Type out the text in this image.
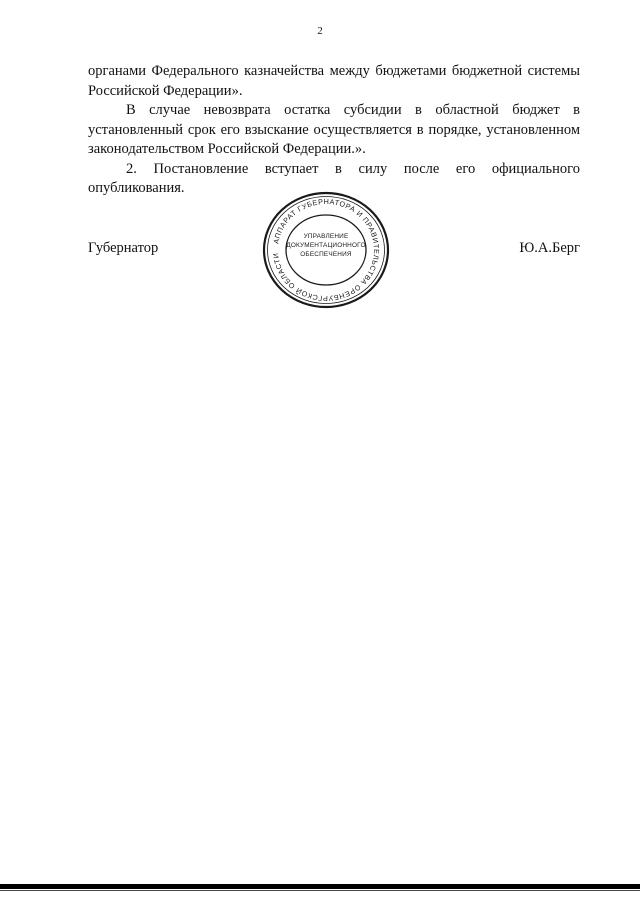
2

органами Федерального казначейства между бюджетами бюджетной системы Российской Федерации».

В случае невозврата остатка субсидии в областной бюджет в установленный срок его взыскание осуществляется в порядке, установленном законодательством Российской Федерации.».

2. Постановление вступает в силу после его официального опубликования.

Губернатор	Ю.А.Берг
АППАРАТ ГУБЕРНАТОРА И ПРАВИТЕЛЬСТВА ОРЕНБУРГСКОЙ ОБЛАСТИ
УПРАВЛЕНИЕ
ДОКУМЕНТАЦИОННОГО
ОБЕСПЕЧЕНИЯ
